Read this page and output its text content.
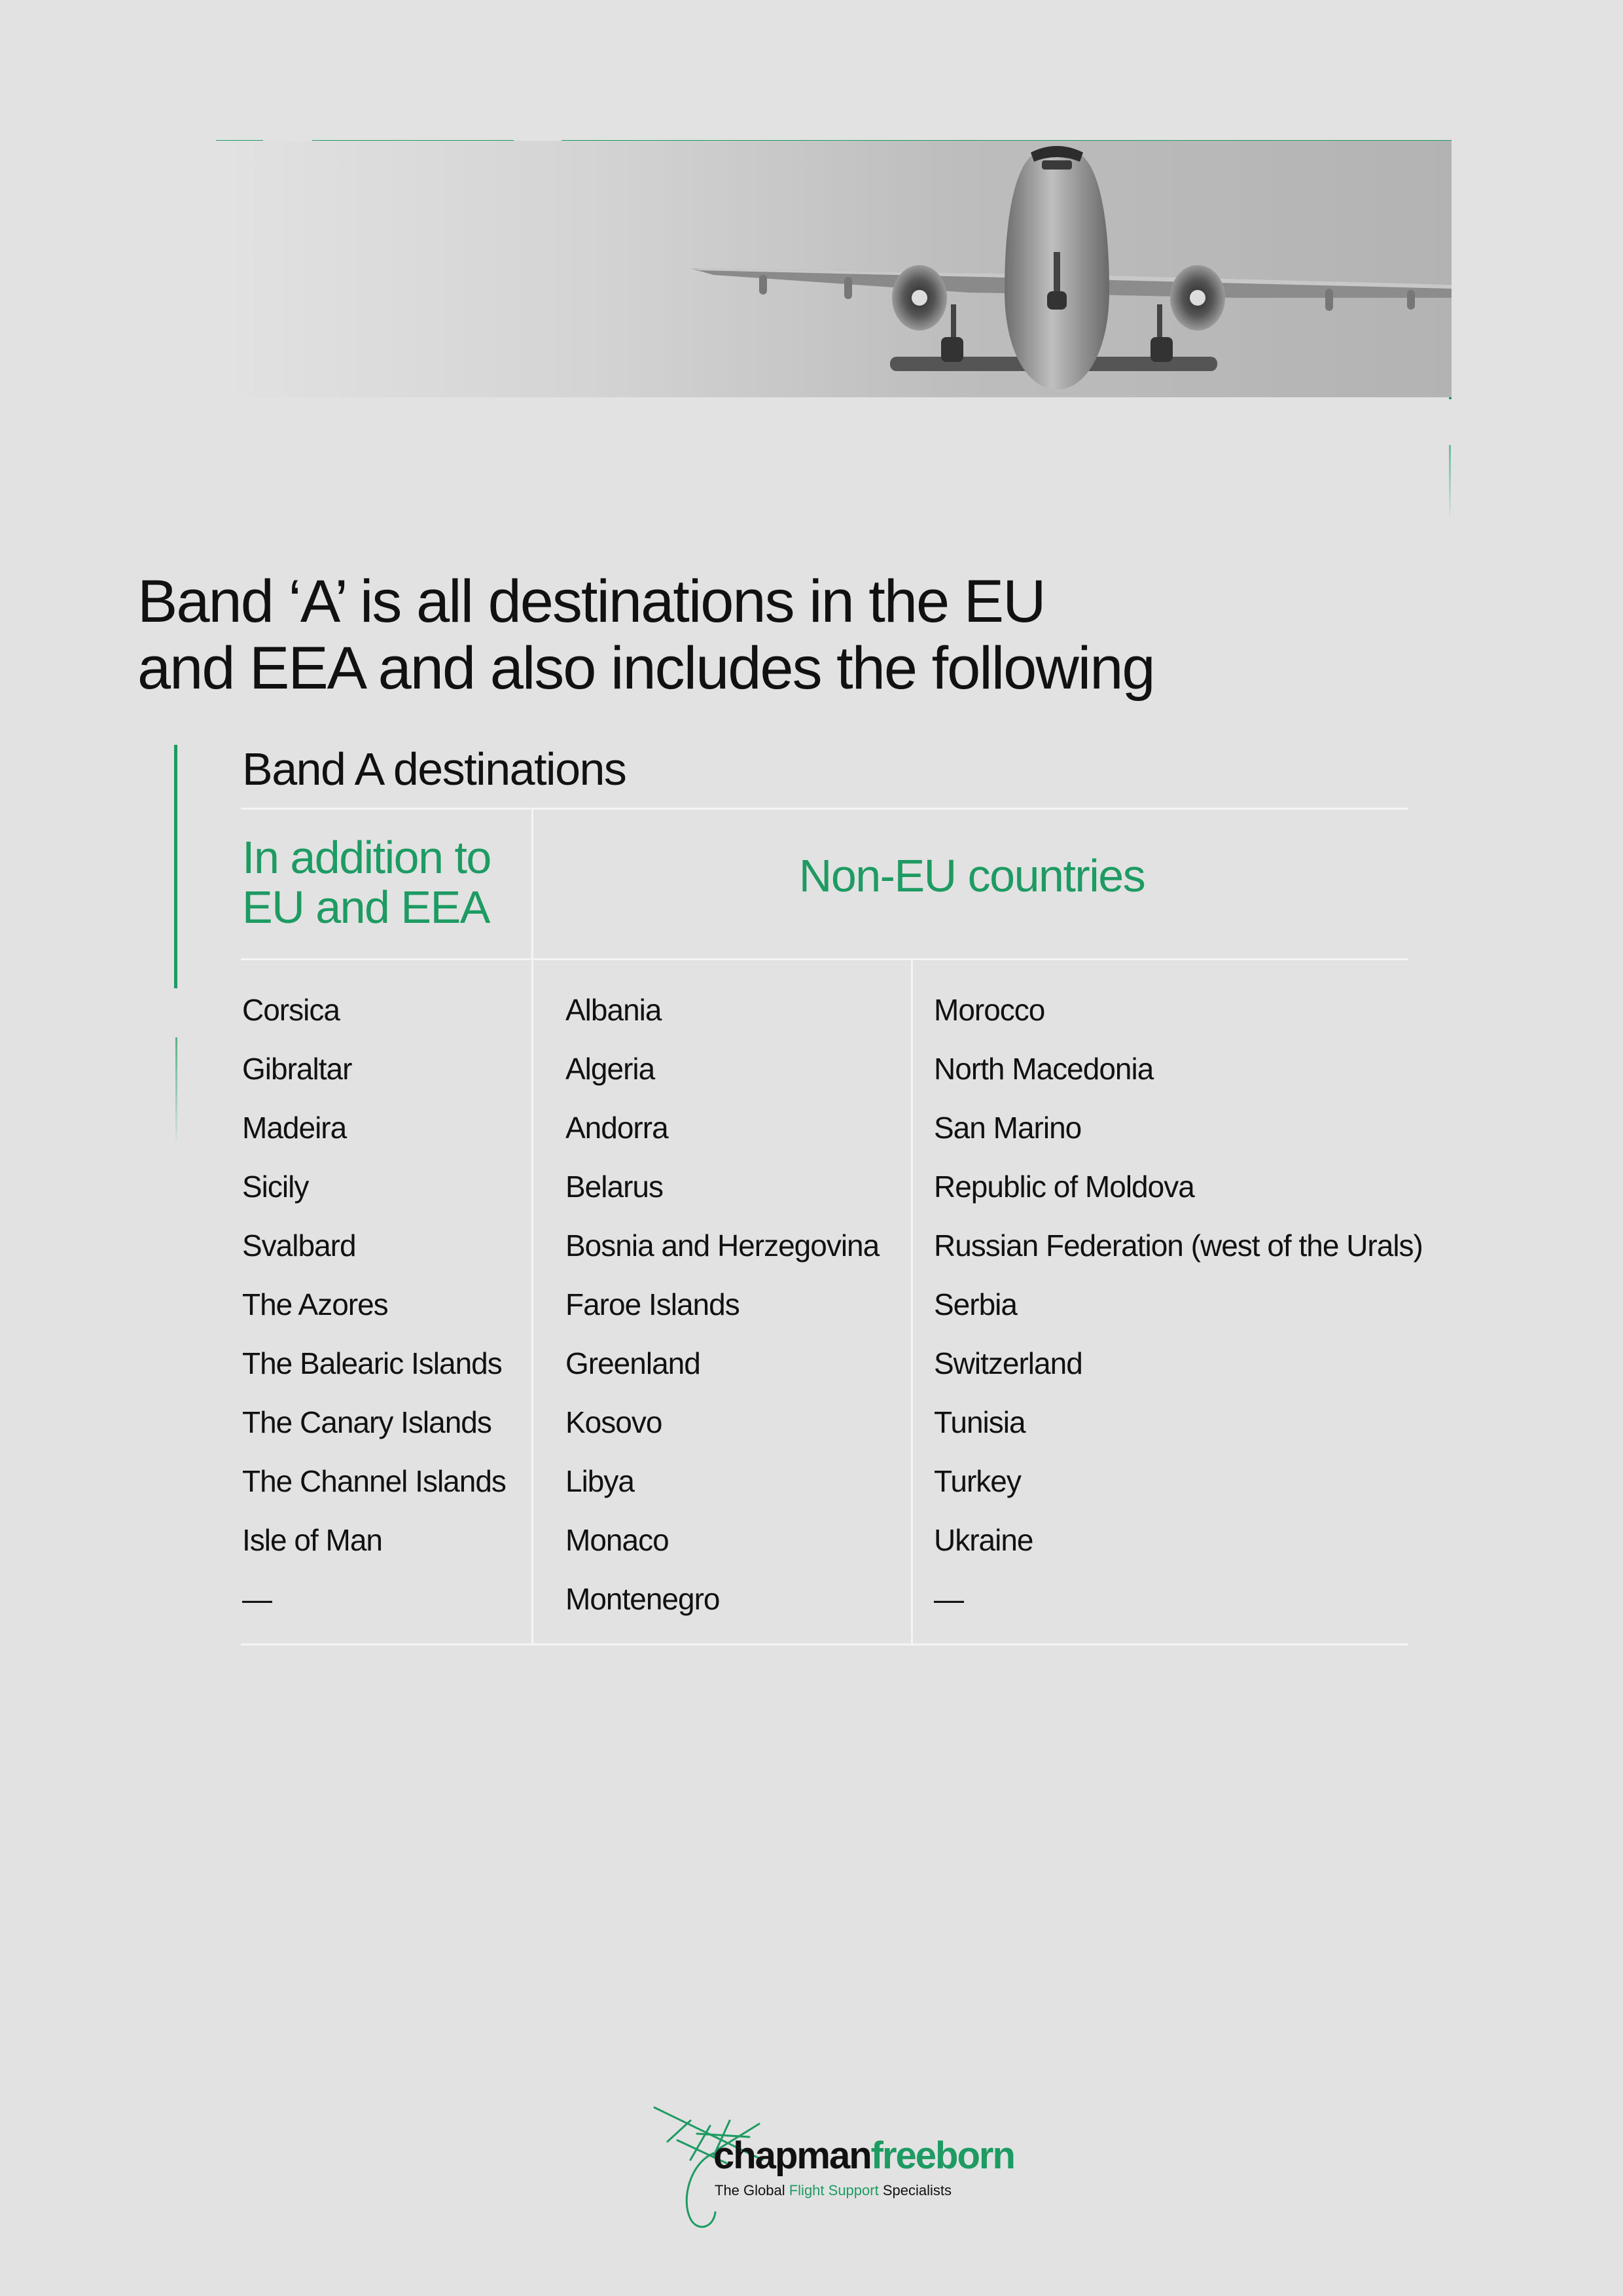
Band ‘A’ is all destinations in the EU
and EEA and also includes the following
Band A destinations
In addition to
EU and EEA
Non-EU countries
Corsica
Gibraltar
Madeira
Sicily
Svalbard
The Azores
The Balearic Islands
The Canary Islands
The Channel Islands
Isle of Man
—
Albania
Algeria
Andorra
Belarus
Bosnia and Herzegovina
Faroe Islands
Greenland
Kosovo
Libya
Monaco
Montenegro
Morocco
North Macedonia
San Marino
Republic of Moldova
Russian Federation (west of the Urals)
Serbia
Switzerland
Tunisia
Turkey
Ukraine
—
chapmanfreeborn
The Global Flight Support Specialists
